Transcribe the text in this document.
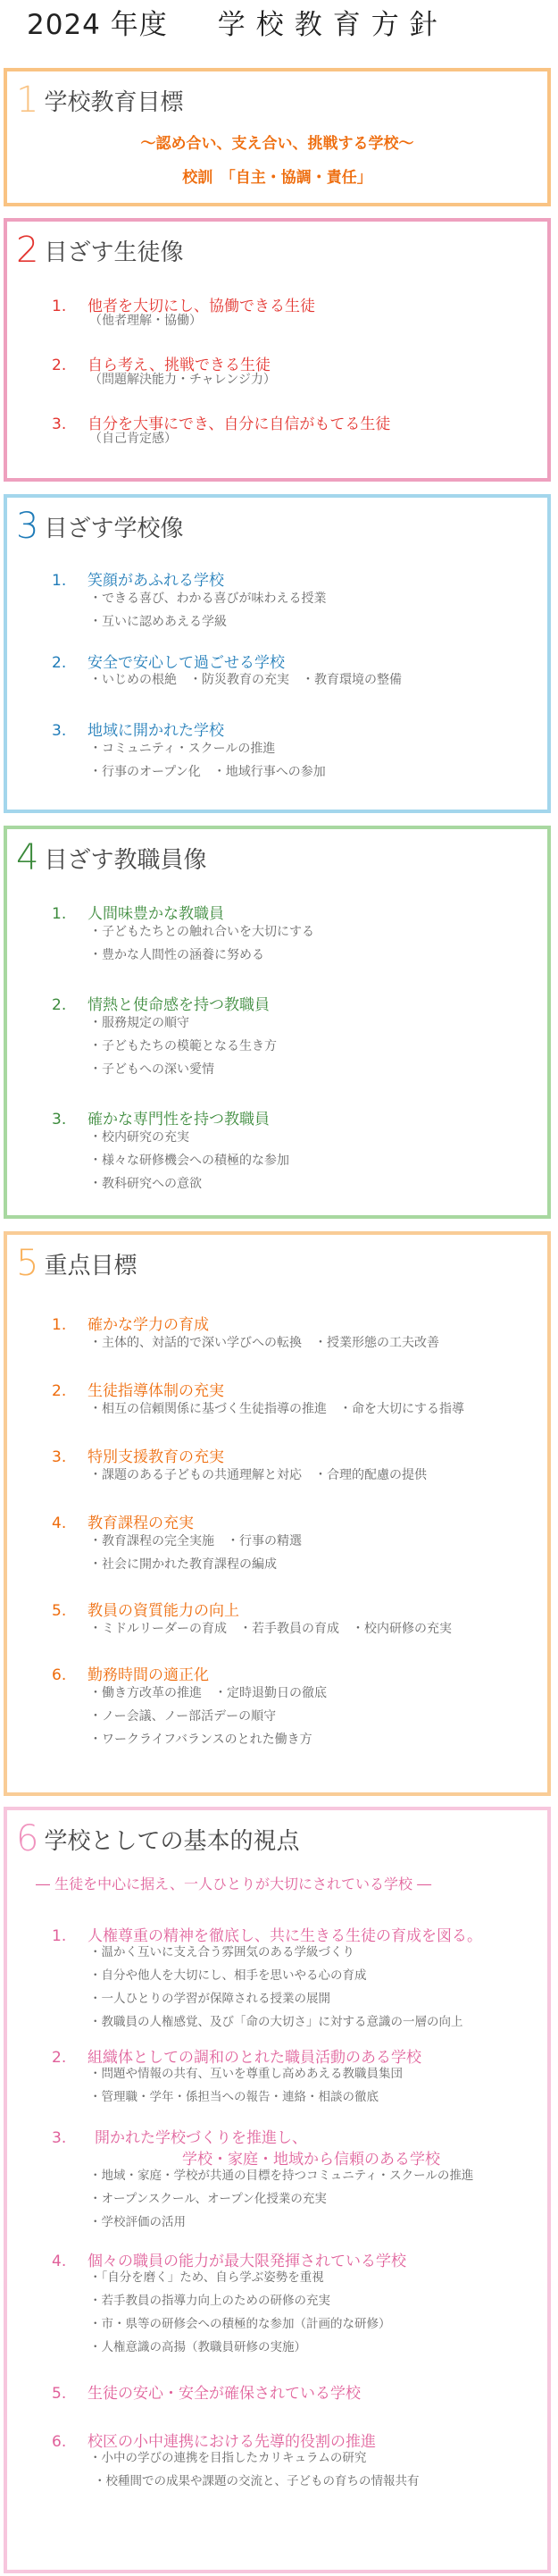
2024 年度 学校教育方針
1 学校教育目標
〜認め合い、支え合い、挑戦する学校〜
校訓　「自主・協調・責任」
2 目ざす生徒像
1. 他者を大切にし、協働できる生徒
（他者理解・協働）
2. 自ら考え、挑戦できる生徒
（問題解決能力・チャレンジ力）
3. 自分を大事にでき、自分に自信がもてる生徒
（自己肯定感）
3 目ざす学校像
1. 笑顔があふれる学校
・できる喜び、わかる喜びが味わえる授業
・互いに認めあえる学級
2. 安全で安心して過ごせる学校
・いじめの根絶　・防災教育の充実　・教育環境の整備
3. 地域に開かれた学校
・コミュニティ・スクールの推進
・行事のオープン化　・地域行事への参加
4 目ざす教職員像
1. 人間味豊かな教職員
・子どもたちとの触れ合いを大切にする
・豊かな人間性の涵養に努める
2. 情熱と使命感を持つ教職員
・服務規定の順守
・子どもたちの模範となる生き方
・子どもへの深い愛情
3. 確かな専門性を持つ教職員
・校内研究の充実
・様々な研修機会への積極的な参加
・教科研究への意欲
5 重点目標
1. 確かな学力の育成
・主体的、対話的で深い学びへの転換　・授業形態の工夫改善
2. 生徒指導体制の充実
・相互の信頼関係に基づく生徒指導の推進　・命を大切にする指導
3. 特別支援教育の充実
・課題のある子どもの共通理解と対応　・合理的配慮の提供
4. 教育課程の充実
・教育課程の完全実施　・行事の精選
・社会に開かれた教育課程の編成
5. 教員の資質能力の向上
・ミドルリーダーの育成　・若手教員の育成　・校内研修の充実
6. 勤務時間の適正化
・働き方改革の推進　・定時退勤日の徹底
・ノー会議、ノー部活デーの順守
・ワークライフバランスのとれた働き方
6 学校としての基本的視点
― 生徒を中心に据え、一人ひとりが大切にされている学校 ―
1. 人権尊重の精神を徹底し、共に生きる生徒の育成を図る。
・温かく互いに支え合う雰囲気のある学級づくり
・自分や他人を大切にし、相手を思いやる心の育成
・一人ひとりの学習が保障される授業の展開
・教職員の人権感覚、及び「命の大切さ」に対する意識の一層の向上
2. 組織体としての調和のとれた職員活動のある学校
・問題や情報の共有、互いを尊重し高めあえる教職員集団
・管理職・学年・係担当への報告・連絡・相談の徹底
3. 開かれた学校づくりを推進し、
学校・家庭・地域から信頼のある学校
・地域・家庭・学校が共通の目標を持つコミュニティ・スクールの推進
・オープンスクール、オープン化授業の充実
・学校評価の活用
4. 個々の職員の能力が最大限発揮されている学校
・「自分を磨く」ため、自ら学ぶ姿勢を重視
・若手教員の指導力向上のための研修の充実
・市・県等の研修会への積極的な参加（計画的な研修）
・人権意識の高揚（教職員研修の実施）
5. 生徒の安心・安全が確保されている学校
6. 校区の小中連携における先導的役割の推進
・小中の学びの連携を目指したカリキュラムの研究
・校種間での成果や課題の交流と、子どもの育ちの情報共有
